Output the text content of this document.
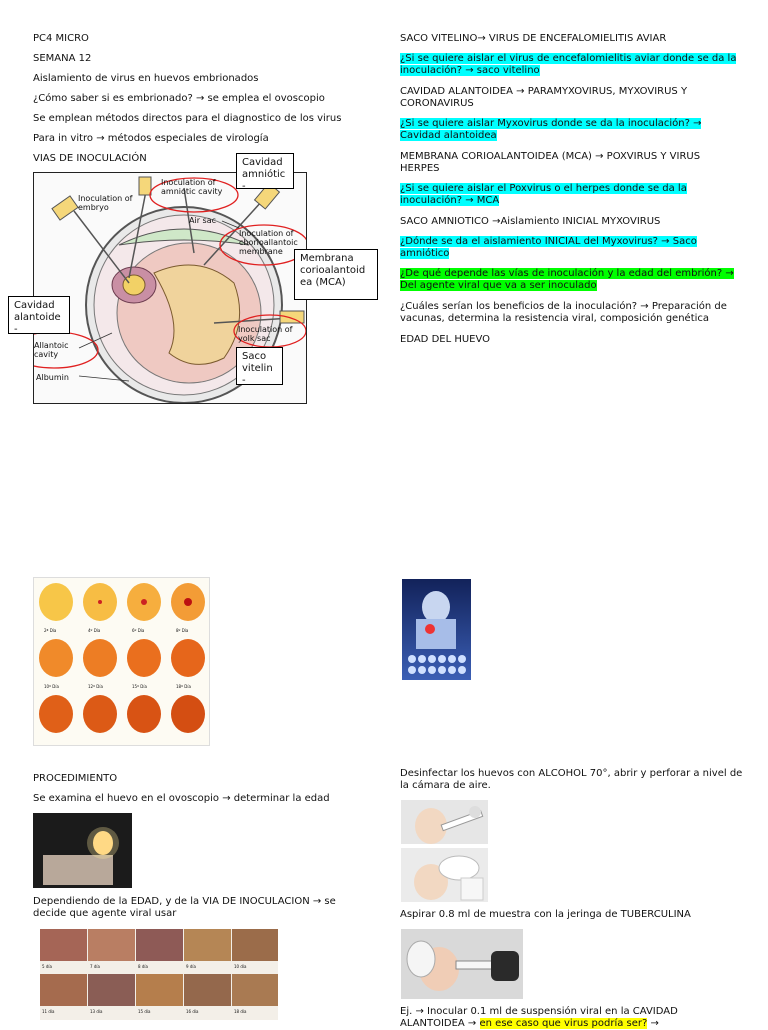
PC4 MICRO

SEMANA 12

Aislamiento de virus en huevos embrionados

¿Cómo saber si es embrionado? → se emplea el ovoscopio

Se emplean métodos directos para el diagnostico de los virus

Para in vitro → métodos especiales de virología

VIAS DE INOCULACIÓN

Inoculation of amniotic cavity
Inoculation of embryo
Air sac
Inoculation of chorioallantoic membrane
Inoculation of yolk sac
Allantoic cavity
Albumin
Cavidad amniótic -
Membrana corioalantoid ea (MCA)
Cavidad alantoide -
Saco vitelin -

SACO VITELINO→ VIRUS DE ENCEFALOMIELITIS AVIAR

¿Si se quiere aislar el virus de encefalomielitis aviar donde se da la inoculación? → saco vitelino

CAVIDAD ALANTOIDEA → PARAMYXOVIRUS, MYXOVIRUS Y CORONAVIRUS

¿Si se quiere aislar Myxovirus donde se da la inoculación? → Cavidad alantoidea

MEMBRANA CORIOALANTOIDEA (MCA) → POXVIRUS Y VIRUS HERPES

¿Si se quiere aislar el Poxvirus o el herpes donde se da la inoculación? → MCA

SACO AMNIOTICO →Aislamiento INICIAL MYXOVIRUS

¿Dónde se da el aislamiento INICIAL del Myxovirus? → Saco amniótico

¿De qué depende las vías de inoculación y la edad del embrión? → Del agente viral que va a ser inoculado

¿Cuáles serían los beneficios de la inoculación? → Preparación de vacunas, determina la resistencia viral, composición genética

EDAD DEL HUEVO

2ª Día	4º Día	6º Día	8º Día
10º Día	12º Día	15º Día	18º Día

PROCEDIMIENTO

Se examina el huevo en el ovoscopio → determinar la edad

Dependiendo de la EDAD, y de la VIA DE INOCULACION → se decide que agente viral usar

5 día	7 día	8 día	9 día	10 día
11 día	13 día	15 día	16 día	18 día

Desinfectar los huevos con ALCOHOL 70°, abrir y perforar a nivel de la cámara de aire.

Aspirar 0.8 ml de muestra con la jeringa de TUBERCULINA

Ej. → Inocular 0.1 ml de suspensión viral en la CAVIDAD ALANTOIDEA → en ese caso que virus podría ser? →
